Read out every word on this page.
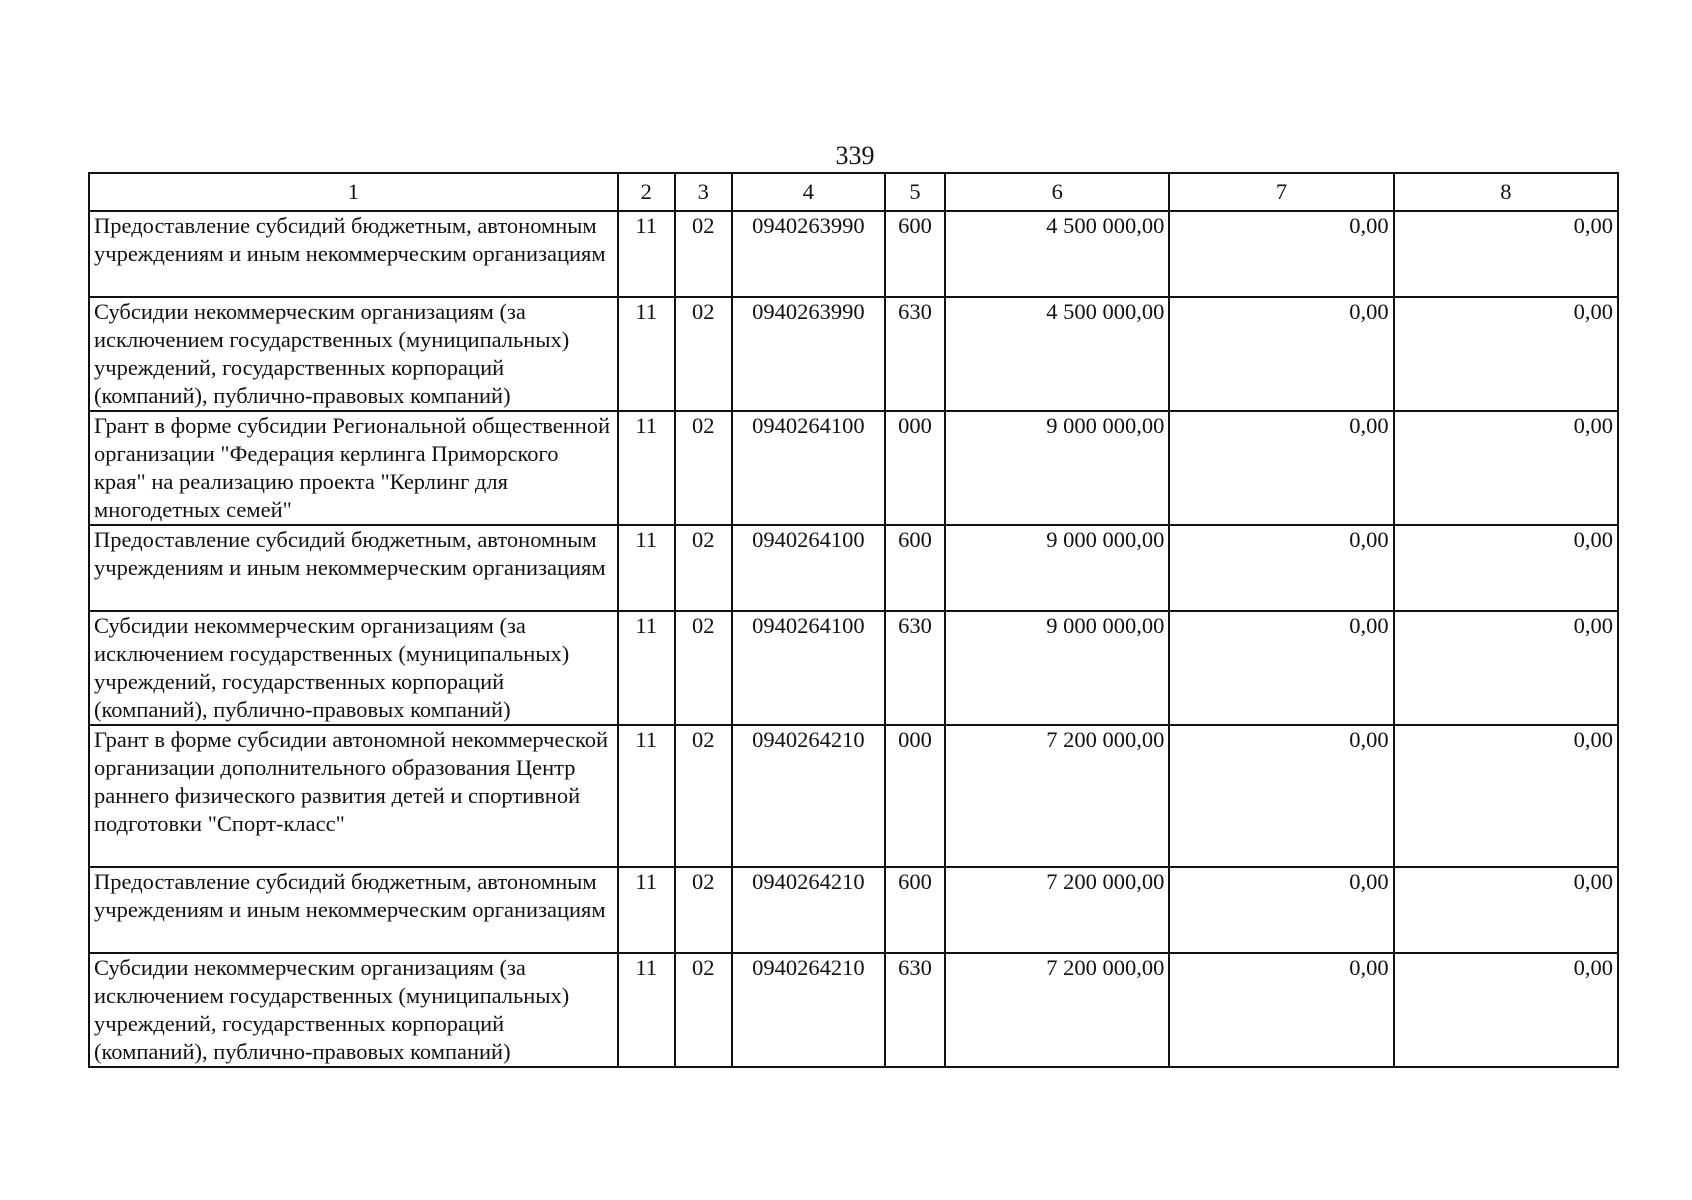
339
1	2	3	4	5	6	7	8
Предоставление субсидий бюджетным, автономным учреждениям и иным некоммерческим организациям	11	02	0940263990	600	4 500 000,00	0,00	0,00
Субсидии некоммерческим организациям (за исключением государственных (муниципальных) учреждений, государственных корпораций (компаний), публично-правовых компаний)	11	02	0940263990	630	4 500 000,00	0,00	0,00
Грант в форме субсидии Региональной общественной организации "Федерация керлинга Приморского края" на реализацию проекта "Керлинг для многодетных семей"	11	02	0940264100	000	9 000 000,00	0,00	0,00
Предоставление субсидий бюджетным, автономным учреждениям и иным некоммерческим организациям	11	02	0940264100	600	9 000 000,00	0,00	0,00
Субсидии некоммерческим организациям (за исключением государственных (муниципальных) учреждений, государственных корпораций (компаний), публично-правовых компаний)	11	02	0940264100	630	9 000 000,00	0,00	0,00
Грант в форме субсидии автономной некоммерческой организации дополнительного образования Центр раннего физического развития детей и спортивной подготовки "Спорт-класс"	11	02	0940264210	000	7 200 000,00	0,00	0,00
Предоставление субсидий бюджетным, автономным учреждениям и иным некоммерческим организациям	11	02	0940264210	600	7 200 000,00	0,00	0,00
Субсидии некоммерческим организациям (за исключением государственных (муниципальных) учреждений, государственных корпораций (компаний), публично-правовых компаний)	11	02	0940264210	630	7 200 000,00	0,00	0,00
